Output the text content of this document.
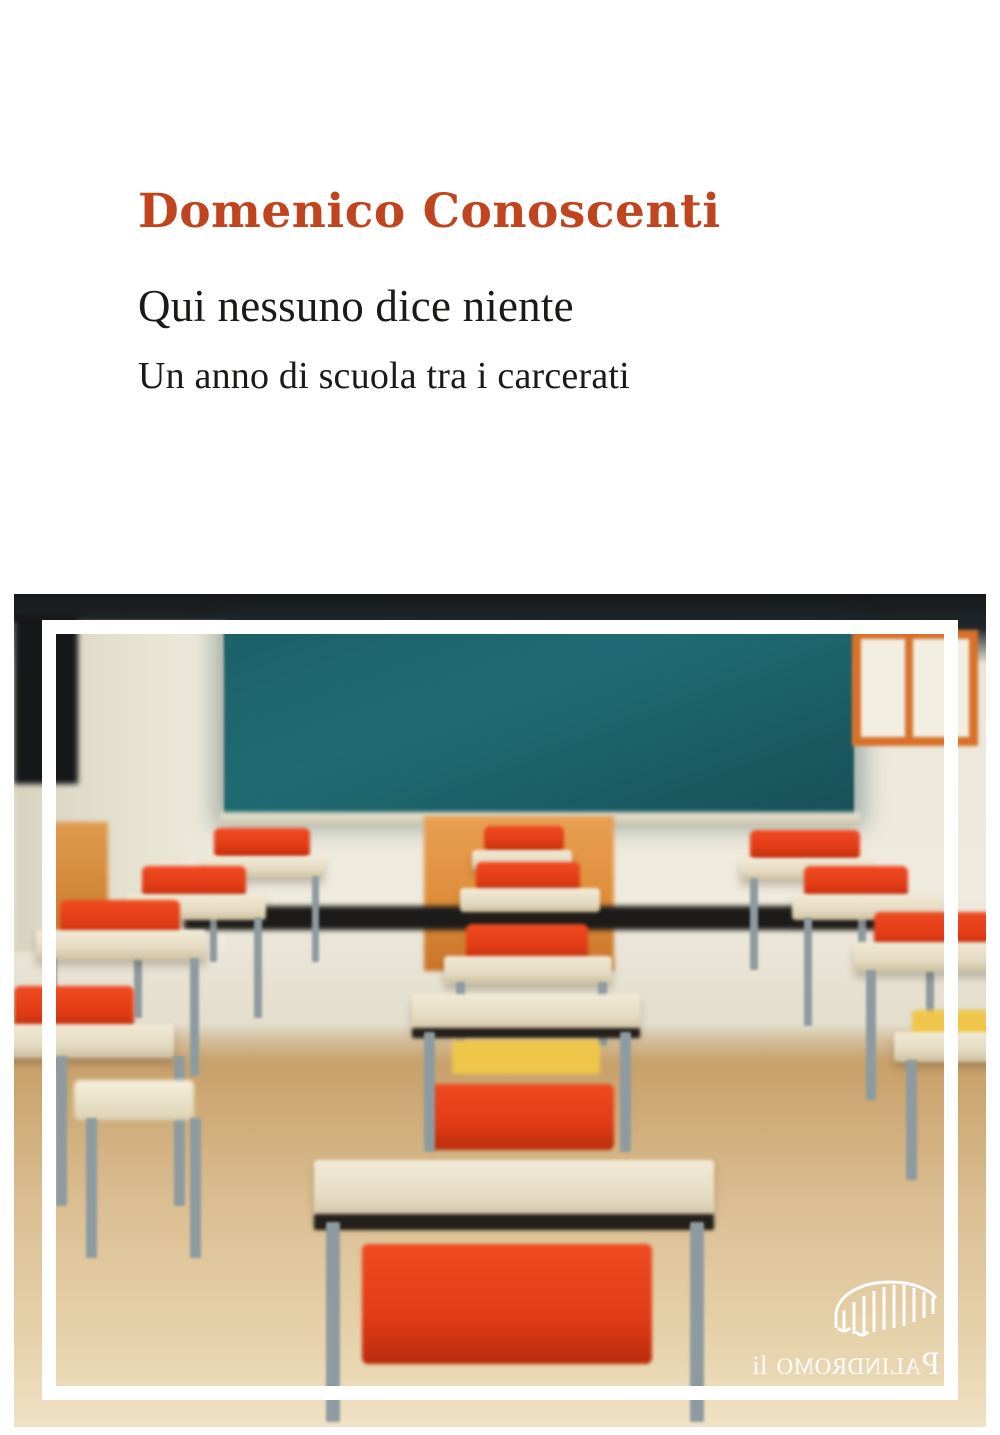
Domenico Conoscenti
Qui nessuno dice niente
Un anno di scuola tra i carcerati
il Palindromo
